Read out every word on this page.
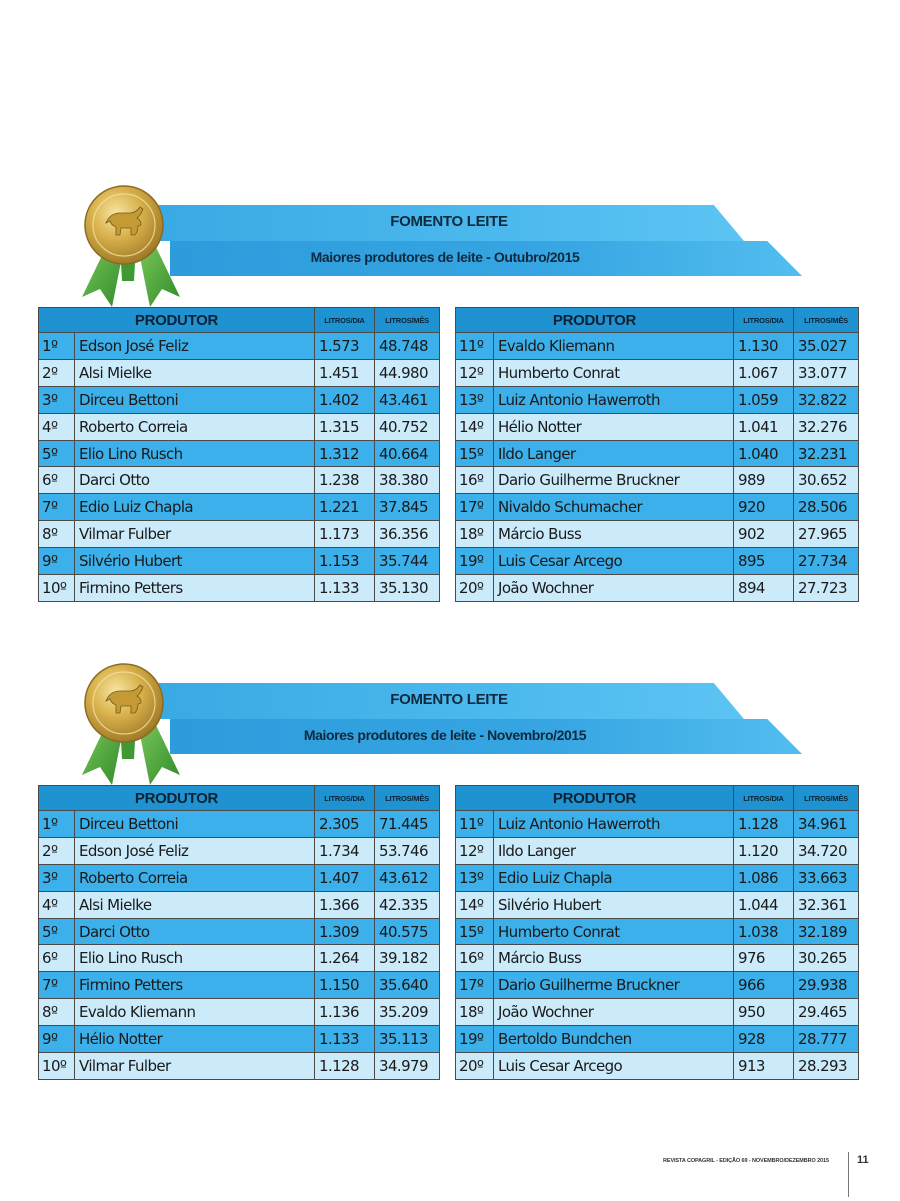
FOMENTO LEITE
Maiores produtores de leite - Outubro/2015
PRODUTOR		LITROS/DIA	LITROS/MÊS
1º	Edson José Feliz	1.573	48.748
2º	Alsi Mielke	1.451	44.980
3º	Dirceu Bettoni	1.402	43.461
4º	Roberto Correia	1.315	40.752
5º	Elio Lino Rusch	1.312	40.664
6º	Darci Otto	1.238	38.380
7º	Edio Luiz Chapla	1.221	37.845
8º	Vilmar Fulber	1.173	36.356
9º	Silvério Hubert	1.153	35.744
10º	Firmino Petters	1.133	35.130
PRODUTOR		LITROS/DIA	LITROS/MÊS
11º	Evaldo Kliemann	1.130	35.027
12º	Humberto Conrat	1.067	33.077
13º	Luiz Antonio Hawerroth	1.059	32.822
14º	Hélio Notter	1.041	32.276
15º	Ildo Langer	1.040	32.231
16º	Dario Guilherme Bruckner	989	30.652
17º	Nivaldo Schumacher	920	28.506
18º	Márcio Buss	902	27.965
19º	Luis Cesar Arcego	895	27.734
20º	João Wochner	894	27.723
FOMENTO LEITE
Maiores produtores de leite - Novembro/2015
PRODUTOR		LITROS/DIA	LITROS/MÊS
1º	Dirceu Bettoni	2.305	71.445
2º	Edson José Feliz	1.734	53.746
3º	Roberto Correia	1.407	43.612
4º	Alsi Mielke	1.366	42.335
5º	Darci Otto	1.309	40.575
6º	Elio Lino Rusch	1.264	39.182
7º	Firmino Petters	1.150	35.640
8º	Evaldo Kliemann	1.136	35.209
9º	Hélio Notter	1.133	35.113
10º	Vilmar Fulber	1.128	34.979
PRODUTOR		LITROS/DIA	LITROS/MÊS
11º	Luiz Antonio Hawerroth	1.128	34.961
12º	Ildo Langer	1.120	34.720
13º	Edio Luiz Chapla	1.086	33.663
14º	Silvério Hubert	1.044	32.361
15º	Humberto Conrat	1.038	32.189
16º	Márcio Buss	976	30.265
17º	Dario Guilherme Bruckner	966	29.938
18º	João Wochner	950	29.465
19º	Bertoldo Bundchen	928	28.777
20º	Luis Cesar Arcego	913	28.293
REVISTA COPAGRIL - EDIÇÃO 69 - NOVEMBRO/DEZEMBRO 2015	11
